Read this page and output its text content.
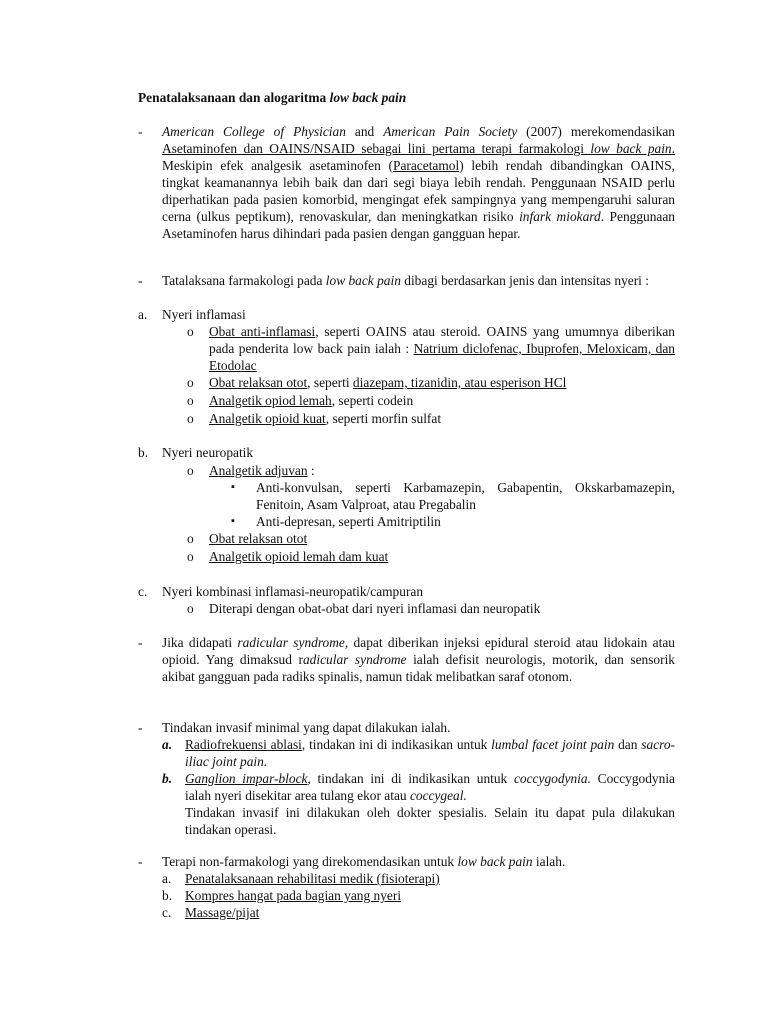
Penatalaksanaan dan alogaritma low back pain
- American College of Physician and American Pain Society (2007) merekomendasikan Asetaminofen dan OAINS/NSAID sebagai lini pertama terapi farmakologi low back pain. Meskipin efek analgesik asetaminofen (Paracetamol) lebih rendah dibandingkan OAINS, tingkat keamanannya lebih baik dan dari segi biaya lebih rendah. Penggunaan NSAID perlu diperhatikan pada pasien komorbid, mengingat efek sampingnya yang mempengaruhi saluran cerna (ulkus peptikum), renovaskular, dan meningkatkan risiko infark miokard. Penggunaan Asetaminofen harus dihindari pada pasien dengan gangguan hepar.
- Tatalaksana farmakologi pada low back pain dibagi berdasarkan jenis dan intensitas nyeri :
a. Nyeri inflamasi
o Obat anti-inflamasi, seperti OAINS atau steroid. OAINS yang umumnya diberikan pada penderita low back pain ialah : Natrium diclofenac, Ibuprofen, Meloxicam, dan Etodolac
o Obat relaksan otot, seperti diazepam, tizanidin, atau esperison HCl
o Analgetik opiod lemah, seperti codein
o Analgetik opioid kuat, seperti morfin sulfat
b. Nyeri neuropatik
o Analgetik adjuvan :
▪ Anti-konvulsan, seperti Karbamazepin, Gabapentin, Okskarbamazepin, Fenitoin, Asam Valproat, atau Pregabalin
▪ Anti-depresan, seperti Amitriptilin
o Obat relaksan otot
o Analgetik opioid lemah dam kuat
c. Nyeri kombinasi inflamasi-neuropatik/campuran
o Diterapi dengan obat-obat dari nyeri inflamasi dan neuropatik
- Jika didapati radicular syndrome, dapat diberikan injeksi epidural steroid atau lidokain atau opioid. Yang dimaksud radicular syndrome ialah defisit neurologis, motorik, dan sensorik akibat gangguan pada radiks spinalis, namun tidak melibatkan saraf otonom.
- Tindakan invasif minimal yang dapat dilakukan ialah.
a. Radiofrekuensi ablasi, tindakan ini di indikasikan untuk lumbal facet joint pain dan sacro-iliac joint pain.
b. Ganglion impar-block, tindakan ini di indikasikan untuk coccygodynia. Coccygodynia ialah nyeri disekitar area tulang ekor atau coccygeal.
Tindakan invasif ini dilakukan oleh dokter spesialis. Selain itu dapat pula dilakukan tindakan operasi.
- Terapi non-farmakologi yang direkomendasikan untuk low back pain ialah.
a. Penatalaksanaan rehabilitasi medik (fisioterapi)
b. Kompres hangat pada bagian yang nyeri
c. Massage/pijat
